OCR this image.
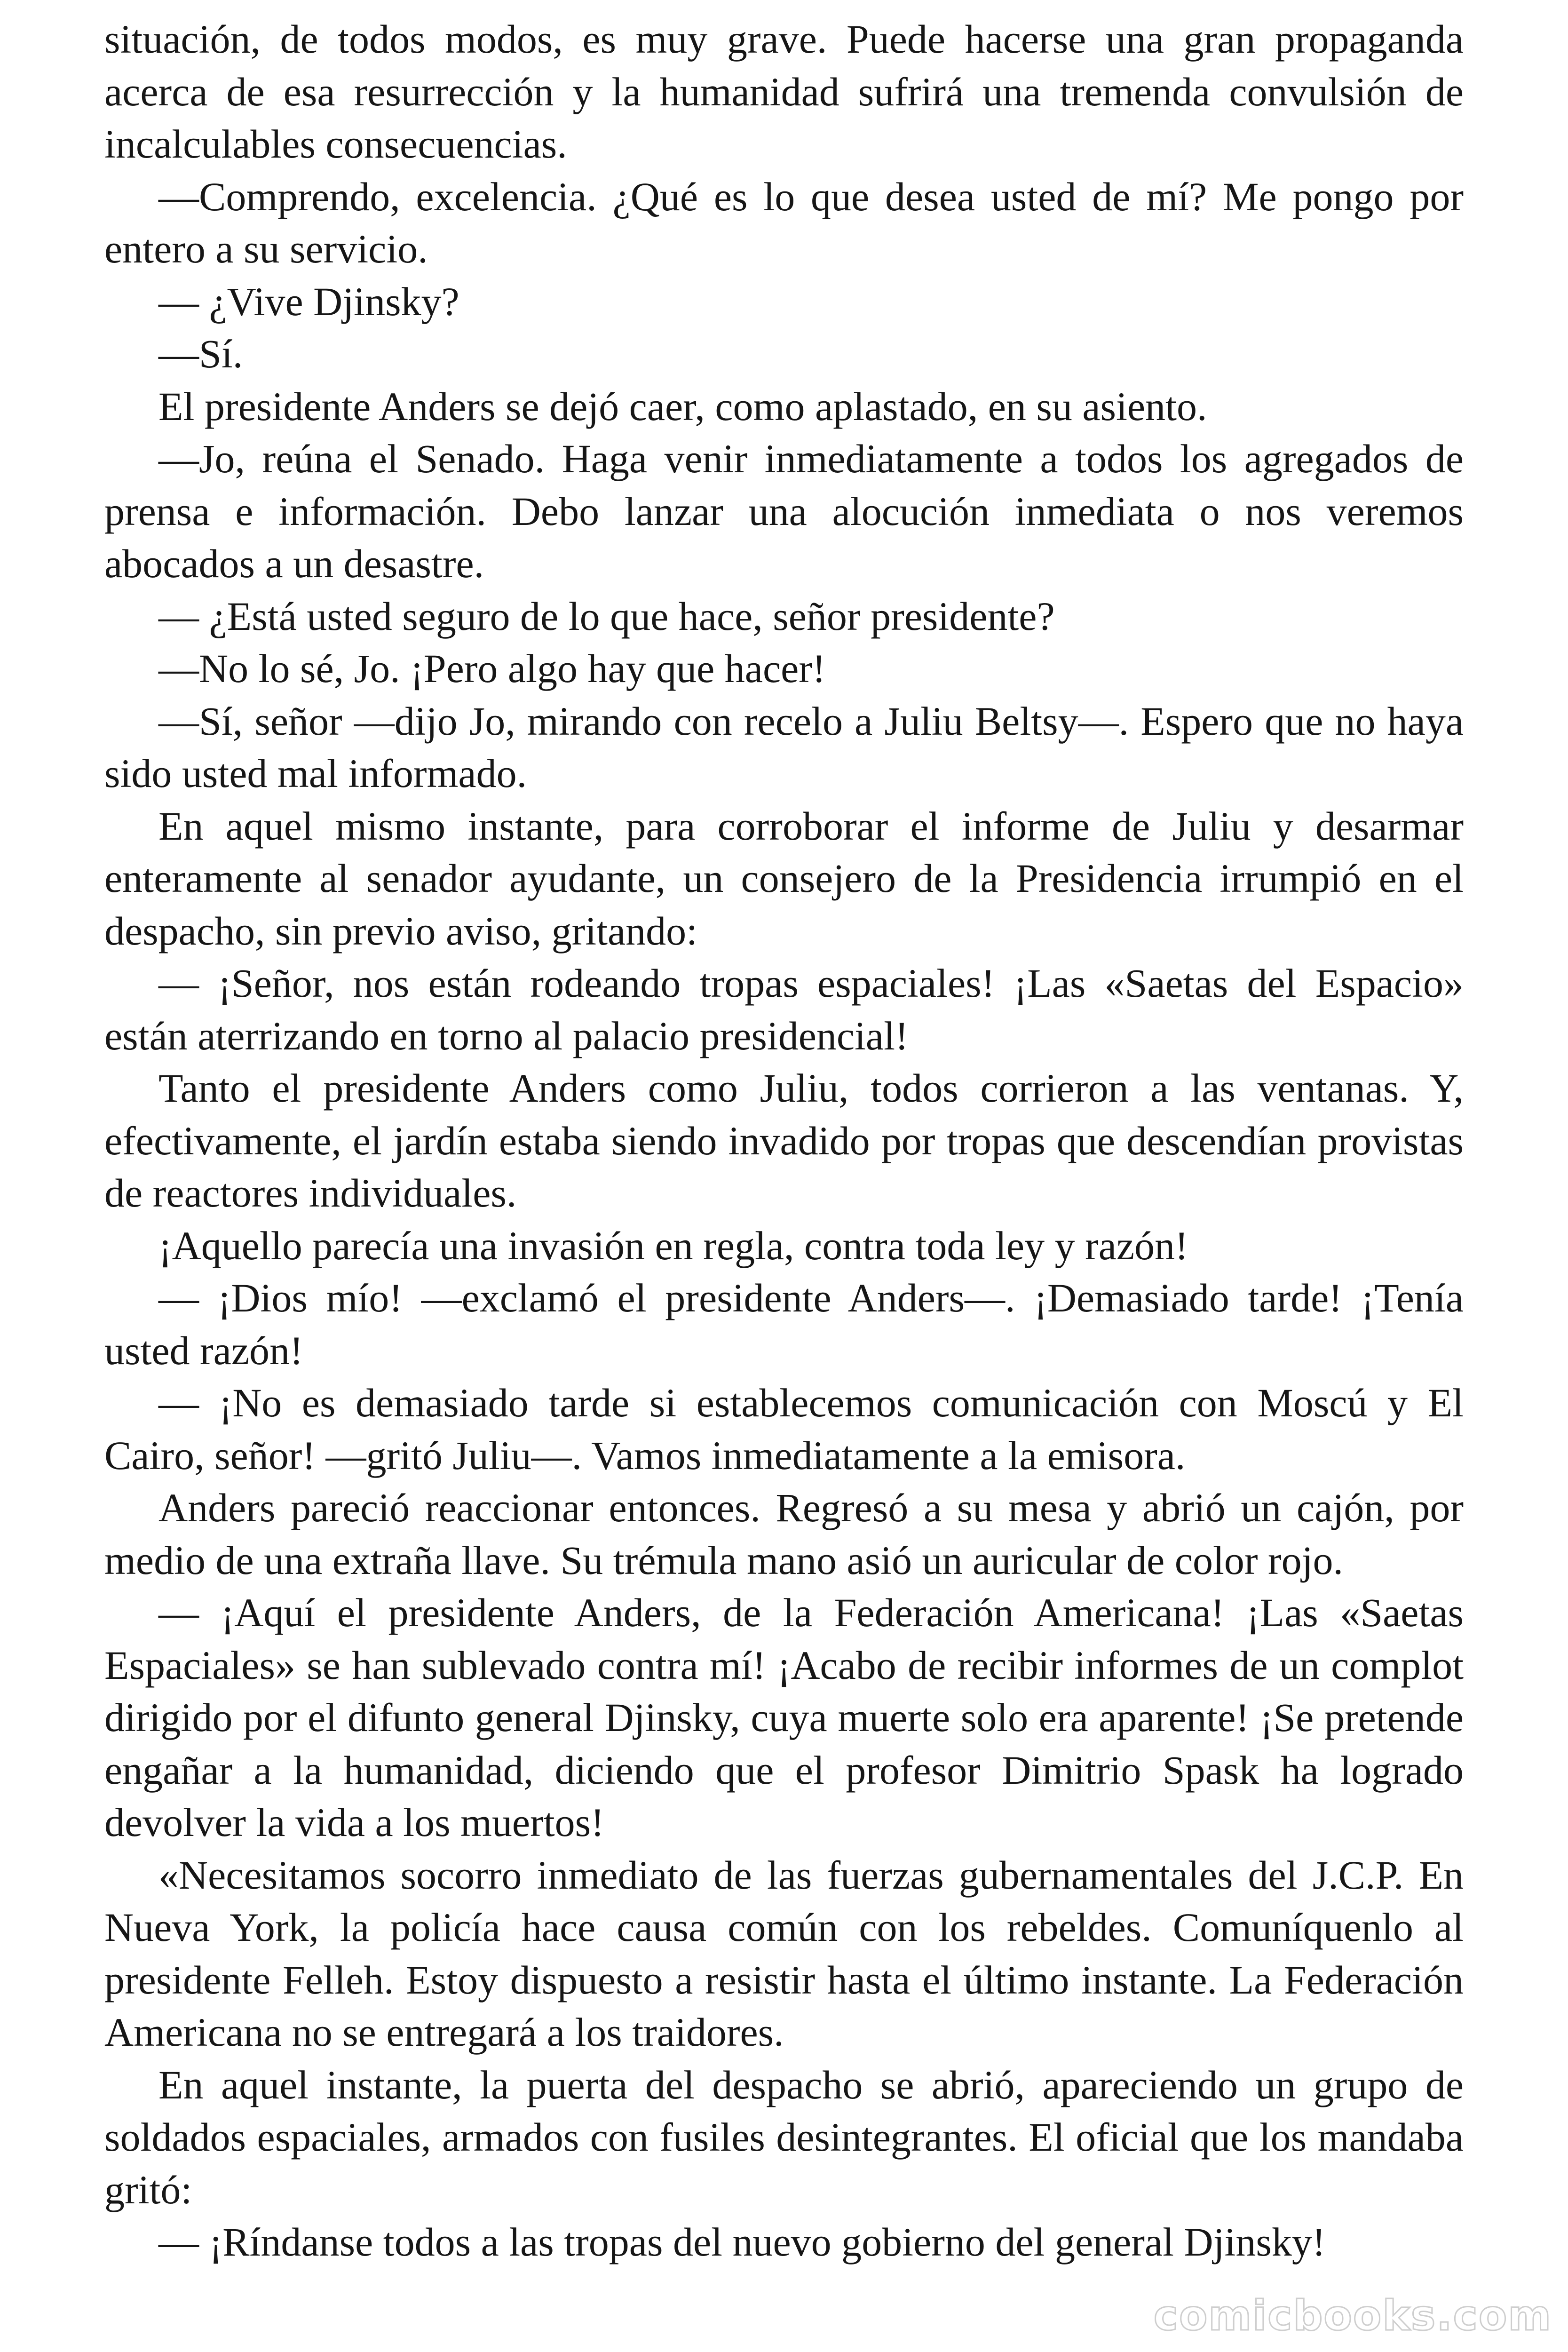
situación, de todos modos, es muy grave. Puede hacerse una gran propaganda acerca de esa resurrección y la humanidad sufrirá una tremenda convulsión de incalculables consecuencias.

—Comprendo, excelencia. ¿Qué es lo que desea usted de mí? Me pongo por entero a su servicio.

— ¿Vive Djinsky?

—Sí.

El presidente Anders se dejó caer, como aplastado, en su asiento.

—Jo, reúna el Senado. Haga venir inmediatamente a todos los agregados de prensa e información. Debo lanzar una alocución inmediata o nos veremos abocados a un desastre.

— ¿Está usted seguro de lo que hace, señor presidente?

—No lo sé, Jo. ¡Pero algo hay que hacer!

—Sí, señor —dijo Jo, mirando con recelo a Juliu Beltsy—. Espero que no haya sido usted mal informado.

En aquel mismo instante, para corroborar el informe de Juliu y desarmar enteramente al senador ayudante, un consejero de la Presidencia irrumpió en el despacho, sin previo aviso, gritando:

— ¡Señor, nos están rodeando tropas espaciales! ¡Las «Saetas del Espacio» están aterrizando en torno al palacio presidencial!

Tanto el presidente Anders como Juliu, todos corrieron a las ventanas. Y, efectivamente, el jardín estaba siendo invadido por tropas que descendían provistas de reactores individuales.

¡Aquello parecía una invasión en regla, contra toda ley y razón!

— ¡Dios mío! —exclamó el presidente Anders—. ¡Demasiado tarde! ¡Tenía usted razón!

— ¡No es demasiado tarde si establecemos comunicación con Moscú y El Cairo, señor! —gritó Juliu—. Vamos inmediatamente a la emisora.

Anders pareció reaccionar entonces. Regresó a su mesa y abrió un cajón, por medio de una extraña llave. Su trémula mano asió un auricular de color rojo.

— ¡Aquí el presidente Anders, de la Federación Americana! ¡Las «Saetas Espaciales» se han sublevado contra mí! ¡Acabo de recibir informes de un complot dirigido por el difunto general Djinsky, cuya muerte solo era aparente! ¡Se pretende engañar a la humanidad, diciendo que el profesor Dimitrio Spask ha logrado devolver la vida a los muertos!

«Necesitamos socorro inmediato de las fuerzas gubernamentales del J.C.P. En Nueva York, la policía hace causa común con los rebeldes. Comuníquenlo al presidente Felleh. Estoy dispuesto a resistir hasta el último instante. La Federación Americana no se entregará a los traidores.

En aquel instante, la puerta del despacho se abrió, apareciendo un grupo de soldados espaciales, armados con fusiles desintegrantes. El oficial que los mandaba gritó:

— ¡Ríndanse todos a las tropas del nuevo gobierno del general Djinsky!

comicbooks.com
